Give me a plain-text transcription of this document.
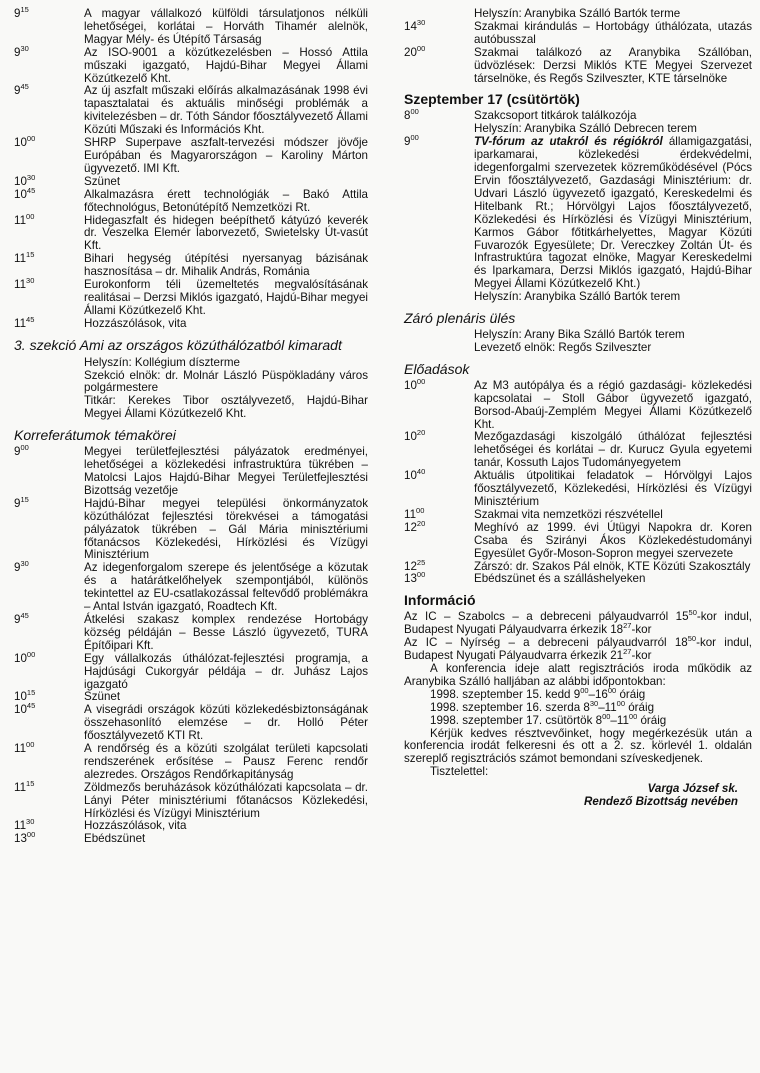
$9^{15}$	A magyar vállalkozó külföldi társulatjonos nélküli lehetőségei, korlátai – Horváth Tihamér alelnök, Magyar Mély- és Útépítő Társaság
$9^{30}$	Az ISO-9001 a közútkezelésben – Hossó Attila műszaki igazgató, Hajdú-Bihar Megyei Állami Közútkezelő Kht.
$9^{45}$	Az új aszfalt műszaki előírás alkalmazásának 1998 évi tapasztalatai és aktuális minőségi problémák a kivitelezésben – dr. Tóth Sándor főosztályvezető Állami Közúti Műszaki és Információs Kht.
$10^{00}$	SHRP Superpave aszfalt-tervezési módszer jövője Európában és Magyarországon – Karoliny Márton ügyvezető. IMI Kft.
$10^{30}$	Szünet
$10^{45}$	Alkalmazásra érett technológiák – Bakó Attila főtechnológus, Betonútépítő Nemzetközi Rt.
$11^{00}$	Hidegaszfalt és hidegen beépíthető kátyúzó keverék dr. Veszelka Elemér laborvezető, Swietelsky Út-vasút Kft.
$11^{15}$	Bihari hegység útépítési nyersanyag bázisának hasznosítása – dr. Mihalik András, Románia
$11^{30}$	Eurokonform téli üzemeltetés megvalósításának realitásai – Derzsi Miklós igazgató, Hajdú-Bihar megyei Állami Közútkezelő Kht.
$11^{45}$	Hozzászólások, vita
3. szekció Ami az országos közúthálózatból kimaradt
Helyszín: Kollégium díszterme
Szekció elnök: dr. Molnár László Püspökladány város polgármestere
Titkár: Kerekes Tibor osztályvezető, Hajdú-Bihar Megyei Állami Közútkezelő Kht.
Korreferátumok témakörei
$9^{00}$	Megyei területfejlesztési pályázatok eredményei, lehetőségei a közlekedési infrastruktúra tükrében – Matolcsi Lajos Hajdú-Bihar Megyei Területfejlesztési Bizottság vezetője
$9^{15}$	Hajdú-Bihar megyei települési önkormányzatok közúthálózat fejlesztési törekvései a támogatási pályázatok tükrében – Gál Mária minisztériumi főtanácsos Közlekedési, Hírközlési és Vízügyi Minisztérium
$9^{30}$	Az idegenforgalom szerepe és jelentősége a közutak és a határátkelőhelyek szempontjából, különös tekintettel az EU-csatlakozással feltevődő problémákra – Antal István igazgató, Roadtech Kft.
$9^{45}$	Átkelési szakasz komplex rendezése Hortobágy község példáján – Besse László ügyvezető, TURA Építőipari Kft.
$10^{00}$	Egy vállalkozás úthálózat-fejlesztési programja, a Hajdúsági Cukorgyár példája – dr. Juhász Lajos igazgató
$10^{15}$	Szünet
$10^{45}$	A visegrádi országok közúti közlekedésbiztonságának összehasonlító elemzése – dr. Holló Péter főosztályvezető KTI Rt.
$11^{00}$	A rendőrség és a közúti szolgálat területi kapcsolati rendszerének erősítése – Pausz Ferenc rendőr alezredes. Országos Rendőrkapitányság
$11^{15}$	Zöldmezős beruházások közúthálózati kapcsolata – dr. Lányi Péter minisztériumi főtanácsos Közlekedési, Hírközlési és Vízügyi Minisztérium
$11^{30}$	Hozzászólások, vita
$13^{00}$	Ebédszünet
Helyszín: Aranybika Szálló Bartók terme
$14^{30}$	Szakmai kirándulás – Hortobágy úthálózata, utazás autóbusszal
$20^{00}$	Szakmai találkozó az Aranybika Szállóban, üdvözlések: Derzsi Miklós KTE Megyei Szervezet társelnöke, és Regős Szilveszter, KTE társelnöke
Szeptember 17 (csütörtök)
$8^{00}$	Szakcsoport titkárok találkozója
Helyszín: Aranybika Szálló Debrecen terem
$9^{00}$	TV-fórum az utakról és régiókról államigazgatási, iparkamarai, közlekedési érdekvédelmi, idegenforgalmi szervezetek közreműködésével (Pócs Ervin főosztályvezető, Gazdasági Minisztérium: dr. Udvari László ügyvezető igazgató, Kereskedelmi és Hitelbank Rt.; Hórvölgyi Lajos főosztályvezető, Közlekedési és Hírközlési és Vízügyi Minisztérium, Karmos Gábor főtitkárhelyettes, Magyar Közúti Fuvarozók Egyesülete; Dr. Vereczkey Zoltán Út- és Infrastruktúra tagozat elnöke, Magyar Kereskedelmi és Iparkamara, Derzsi Miklós igazgató, Hajdú-Bihar Megyei Állami Közútkezelő Kht.)
Helyszín: Aranybika Szálló Bartók terem
Záró plenáris ülés
Helyszín: Arany Bika Szálló Bartók terem
Levezető elnök: Regős Szilveszter
Előadások
$10^{00}$	Az M3 autópálya és a régió gazdasági- közlekedési kapcsolatai – Stoll Gábor ügyvezető igazgató, Borsod-Abaúj-Zemplém Megyei Állami Közútkezelő Kht.
$10^{20}$	Mezőgazdasági kiszolgáló úthálózat fejlesztési lehetőségei és korlátai – dr. Kurucz Gyula egyetemi tanár, Kossuth Lajos Tudományegyetem
$10^{40}$	Aktuális útpolitikai feladatok – Hórvölgyi Lajos főosztályvezető, Közlekedési, Hírközlési és Vízügyi Minisztérium
$11^{00}$	Szakmai vita nemzetközi részvétellel
$12^{20}$	Meghívó az 1999. évi Útügyi Napokra dr. Koren Csaba és Szirányi Ákos Közlekedéstudományi Egyesület Győr-Moson-Sopron megyei szervezete
$12^{25}$	Zárszó: dr. Szakos Pál elnök, KTE Közúti Szakosztály
$13^{00}$	Ebédszünet és a szálláshelyeken
Információ

Az IC – Szabolcs – a debreceni pályaudvarról $15^{50}$-kor indul, Budapest Nyugati Pályaudvarra érkezik $18^{27}$-kor

Az IC – Nyírség – a debreceni pályaudvarról $18^{50}$-kor indul, Budapest Nyugati Pályaudvarra érkezik $21^{27}$-kor

A konferencia ideje alatt regisztrációs iroda működik az Aranybika Szálló halljában az alábbi időpontokban:

1998. szeptember 15. kedd $9^{00}-16^{00}$ óráig

1998. szeptember 16. szerda $8^{30}-11^{00}$ óráig

1998. szeptember 17. csütörtök $8^{00}-11^{00}$ óráig

Kérjük kedves résztvevőinket, hogy megérkezésük után a konferencia irodát felkeresni és ott a 2. sz. körlevél 1. oldalán szereplő regisztrációs számot bemondani szíveskedjenek.

Tisztelettel:

Varga József sk.

Rendező Bizottság nevében
